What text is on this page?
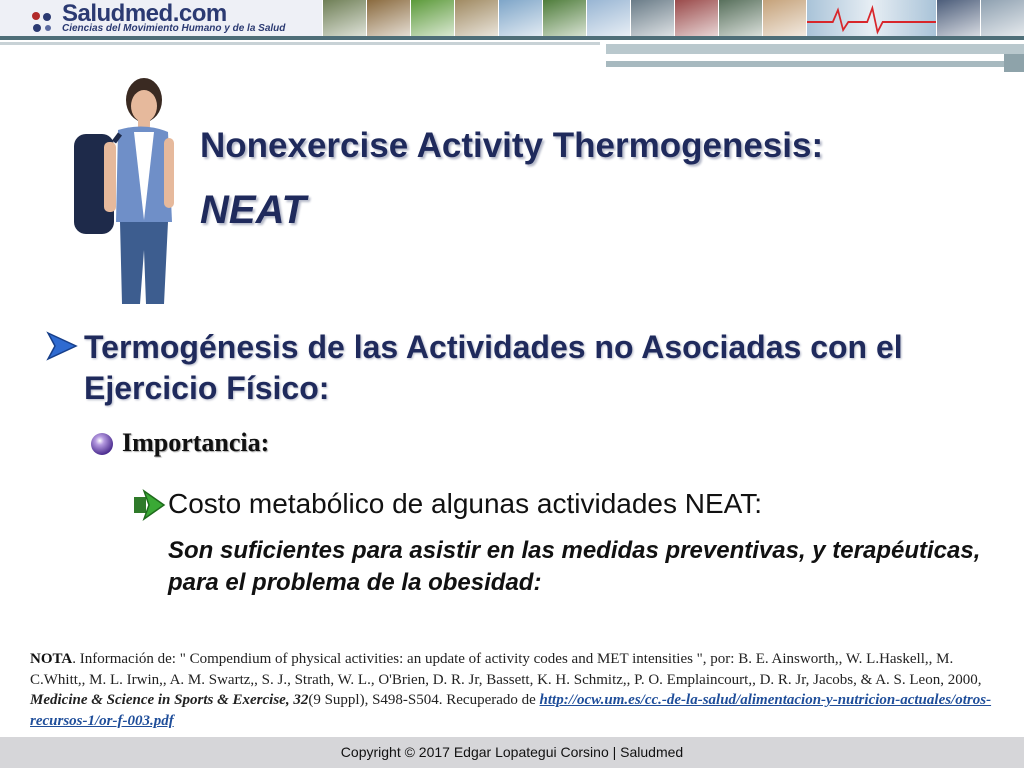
Saludmed.com
Ciencias del Movimiento Humano y de la Salud
Nonexercise Activity Thermogenesis:
NEAT
Termogénesis de las Actividades no Asociadas con el Ejercicio Físico:
Importancia:
Costo metabólico de algunas actividades NEAT:
Son suficientes para asistir en las medidas preventivas, y terapéuticas, para el problema de la obesidad:
NOTA. Información de: " Compendium of physical activities: an update of activity codes and MET intensities ", por: B. E. Ainsworth,, W. L.Haskell,, M. C.Whitt,, M. L. Irwin,, A. M. Swartz,, S. J., Strath, W. L., O'Brien, D. R. Jr, Bassett, K. H. Schmitz,, P. O. Emplaincourt,, D. R. Jr, Jacobs, & A. S. Leon, 2000, Medicine & Science in Sports & Exercise, 32(9 Suppl), S498-S504. Recuperado de http://ocw.um.es/cc.-de-la-salud/alimentacion-y-nutricion-actuales/otros-recursos-1/or-f-003.pdf
Copyright © 2017 Edgar Lopategui Corsino | Saludmed
